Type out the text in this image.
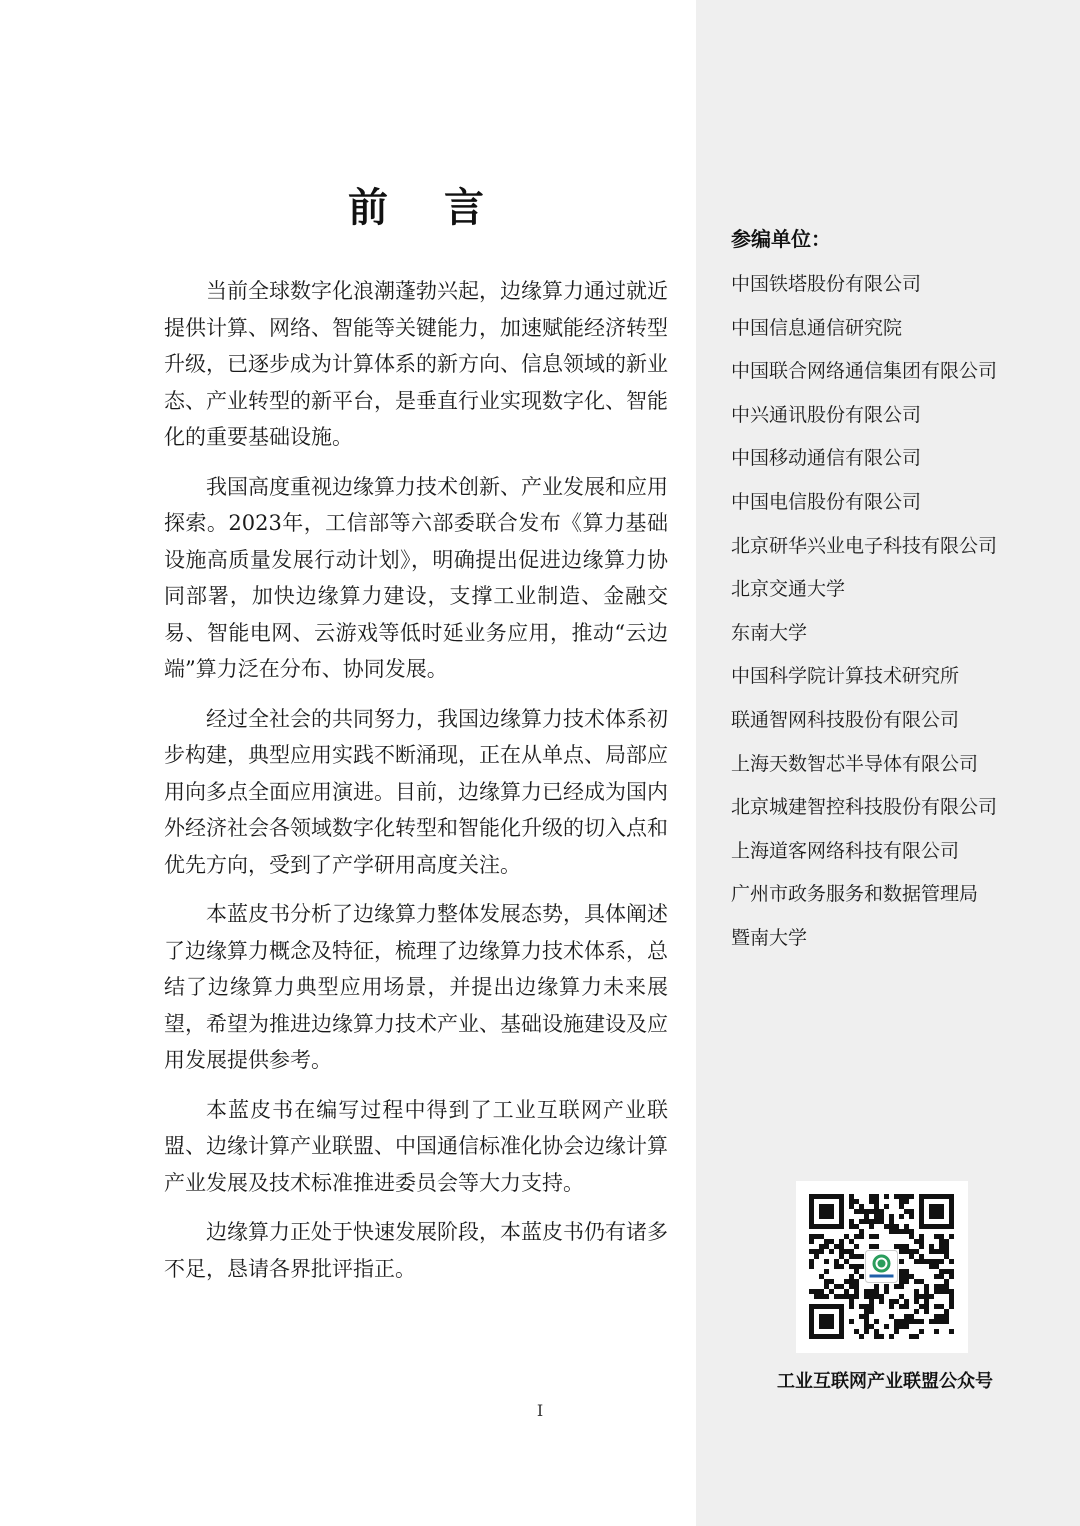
前言

当前全球数字化浪潮蓬勃兴起，边缘算力通过就近提供计算、网络、智能等关键能力，加速赋能经济转型升级，已逐步成为计算体系的新方向、信息领域的新业态、产业转型的新平台，是垂直行业实现数字化、智能化的重要基础设施。

我国高度重视边缘算力技术创新、产业发展和应用探索。2023年，工信部等六部委联合发布《算力基础设施高质量发展行动计划》，明确提出促进边缘算力协同部署，加快边缘算力建设，支撑工业制造、金融交易、智能电网、云游戏等低时延业务应用，推动“云边端”算力泛在分布、协同发展。

经过全社会的共同努力，我国边缘算力技术体系初步构建，典型应用实践不断涌现，正在从单点、局部应用向多点全面应用演进。目前，边缘算力已经成为国内外经济社会各领域数字化转型和智能化升级的切入点和优先方向，受到了产学研用高度关注。

本蓝皮书分析了边缘算力整体发展态势，具体阐述了边缘算力概念及特征，梳理了边缘算力技术体系，总结了边缘算力典型应用场景，并提出边缘算力未来展望，希望为推进边缘算力技术产业、基础设施建设及应用发展提供参考。

本蓝皮书在编写过程中得到了工业互联网产业联盟、边缘计算产业联盟、中国通信标准化协会边缘计算产业发展及技术标准推进委员会等大力支持。

边缘算力正处于快速发展阶段，本蓝皮书仍有诸多不足，恳请各界批评指正。

I
参编单位：
中国铁塔股份有限公司
中国信息通信研究院
中国联合网络通信集团有限公司
中兴通讯股份有限公司
中国移动通信有限公司
中国电信股份有限公司
北京研华兴业电子科技有限公司
北京交通大学
东南大学
中国科学院计算技术研究所
联通智网科技股份有限公司
上海天数智芯半导体有限公司
北京城建智控科技股份有限公司
上海道客网络科技有限公司
广州市政务服务和数据管理局
暨南大学
工业互联网产业联盟公众号
